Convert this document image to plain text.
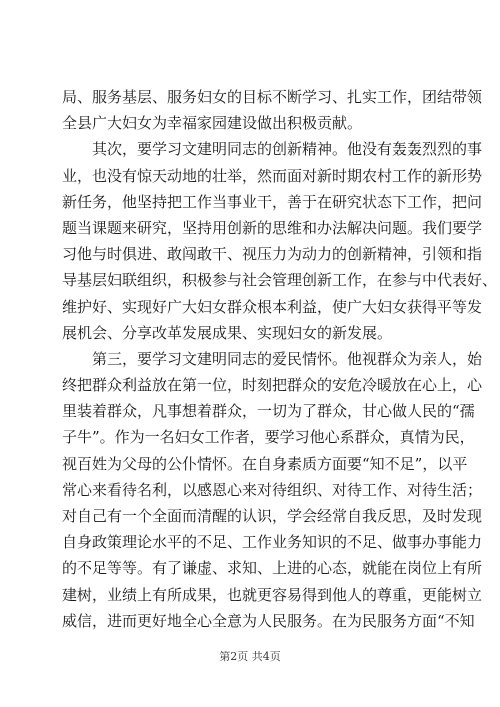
局、服务基层、服务妇女的目标不断学习、扎实工作，团结带领
全县广大妇女为幸福家园建设做出积极贡献。
其次，要学习文建明同志的创新精神。他没有轰轰烈烈的事
业，也没有惊天动地的壮举，然而面对新时期农村工作的新形势
新任务，他坚持把工作当事业干，善于在研究状态下工作，把问
题当课题来研究，坚持用创新的思维和办法解决问题。我们要学
习他与时俱进、敢闯敢干、视压力为动力的创新精神，引领和指
导基层妇联组织，积极参与社会管理创新工作，在参与中代表好、
维护好、实现好广大妇女群众根本利益，使广大妇女获得平等发
展机会、分享改革发展成果、实现妇女的新发展。
第三，要学习文建明同志的爱民情怀。他视群众为亲人，始
终把群众利益放在第一位，时刻把群众的安危冷暖放在心上，心
里装着群众，凡事想着群众，一切为了群众，甘心做人民的“孺
子牛”。作为一名妇女工作者，要学习他心系群众，真情为民，
视百姓为父母的公仆情怀。在自身素质方面要“知不足”，以平
常心来看待名利，以感恩心来对待组织、对待工作、对待生活；
对自己有一个全面而清醒的认识，学会经常自我反思，及时发现
自身政策理论水平的不足、工作业务知识的不足、做事办事能力
的不足等等。有了谦虚、求知、上进的心态，就能在岗位上有所
建树，业绩上有所成果，也就更容易得到他人的尊重，更能树立
威信，进而更好地全心全意为人民服务。在为民服务方面“不知
第2页 共4页
